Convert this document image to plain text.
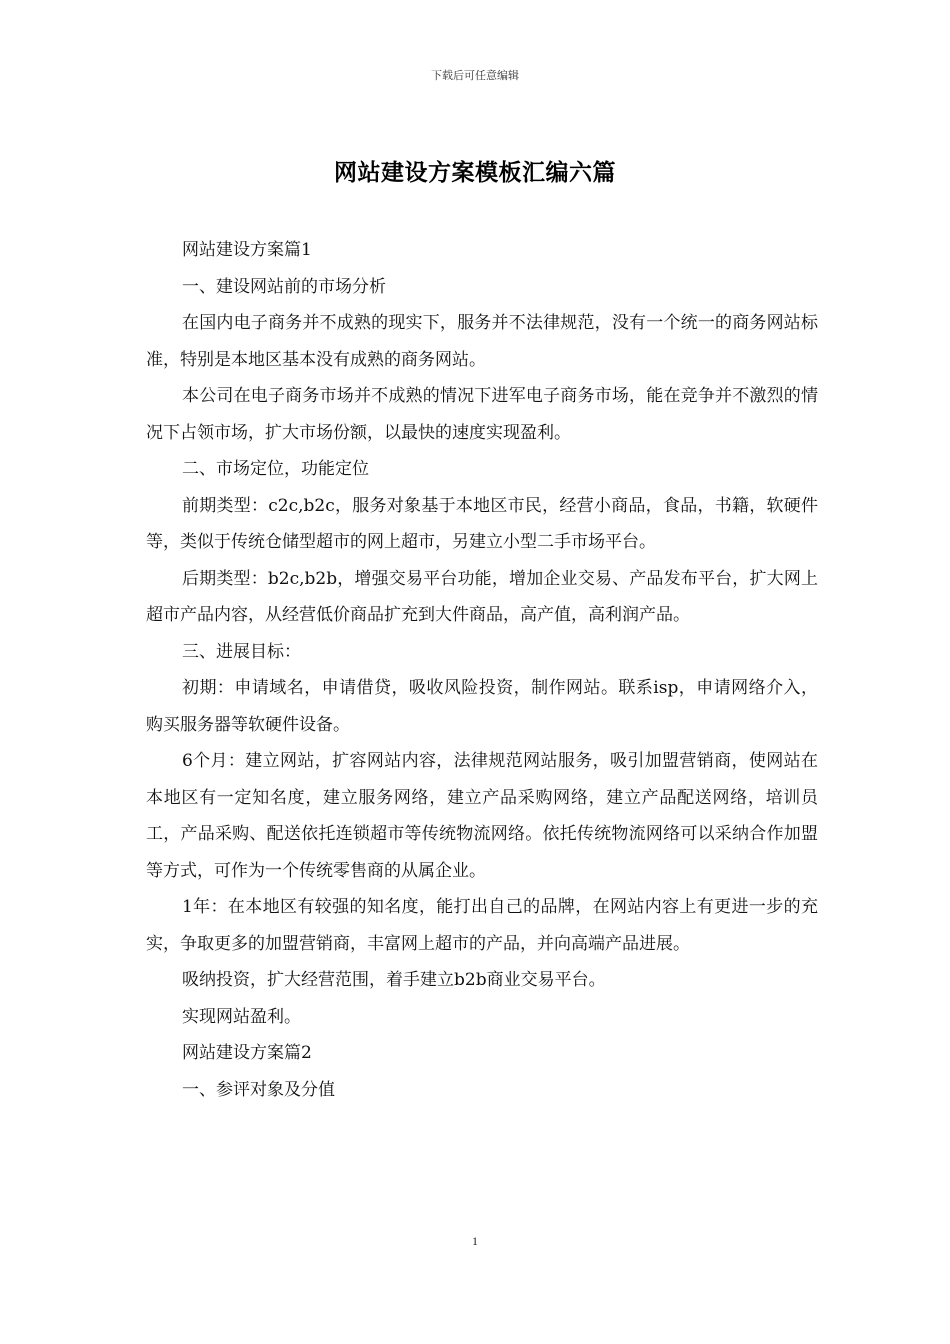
下载后可任意编辑
网站建设方案模板汇编六篇

网站建设方案篇1

一、建设网站前的市场分析

在国内电子商务并不成熟的现实下，服务并不法律规范，没有一个统一的商务网站标准，特别是本地区基本没有成熟的商务网站。

本公司在电子商务市场并不成熟的情况下进军电子商务市场，能在竞争并不激烈的情况下占领市场，扩大市场份额，以最快的速度实现盈利。

二、市场定位，功能定位

前期类型：c2c,b2c，服务对象基于本地区市民，经营小商品，食品，书籍，软硬件等，类似于传统仓储型超市的网上超市，另建立小型二手市场平台。

后期类型：b2c,b2b，增强交易平台功能，增加企业交易、产品发布平台，扩大网上超市产品内容，从经营低价商品扩充到大件商品，高产值，高利润产品。

三、进展目标：

初期：申请域名，申请借贷，吸收风险投资，制作网站。联系isp，申请网络介入，购买服务器等软硬件设备。

6个月：建立网站，扩容网站内容，法律规范网站服务，吸引加盟营销商，使网站在本地区有一定知名度，建立服务网络，建立产品采购网络，建立产品配送网络，培训员工，产品采购、配送依托连锁超市等传统物流网络。依托传统物流网络可以采纳合作加盟等方式，可作为一个传统零售商的从属企业。

1年：在本地区有较强的知名度，能打出自己的品牌，在网站内容上有更进一步的充实，争取更多的加盟营销商，丰富网上超市的产品，并向高端产品进展。

吸纳投资，扩大经营范围，着手建立b2b商业交易平台。

实现网站盈利。

网站建设方案篇2

一、参评对象及分值

1
